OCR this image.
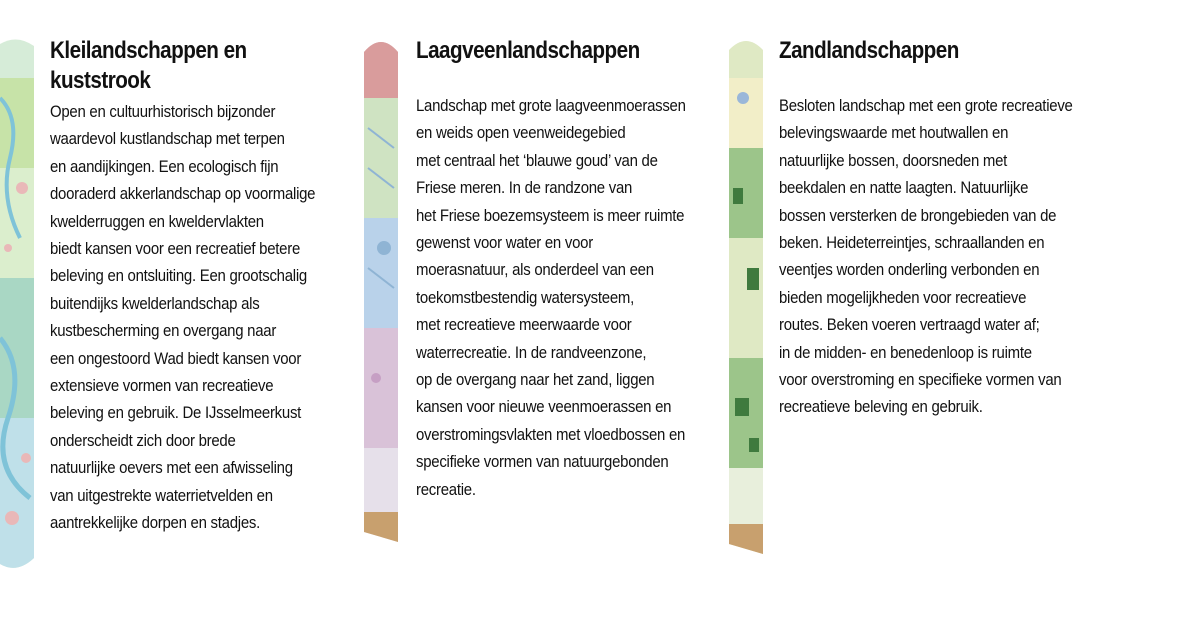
Kleilandschappen en
kuststrook
Open en cultuurhistorisch bijzonder
waardevol kustlandschap met terpen
en aandijkingen. Een ecologisch fijn
dooraderd akkerlandschap op voormalige
kwelderruggen en kweldervlakten
biedt kansen voor een recreatief betere
beleving en ontsluiting. Een grootschalig
buitendijks kwelderlandschap als
kustbescherming en overgang naar
een ongestoord Wad biedt kansen voor
extensieve vormen van recreatieve
beleving en gebruik. De IJsselmeerkust
onderscheidt zich door brede
natuurlijke oevers met een afwisseling
van uitgestrekte waterrietvelden en
aantrekkelijke dorpen en stadjes.
Laagveenlandschappen
Landschap met grote laagveenmoerassen
en weids open veenweidegebied
met centraal het ‘blauwe goud’ van de
Friese meren. In de randzone van
het Friese boezemsysteem is meer ruimte
gewenst voor water en voor
moerasnatuur, als onderdeel van een
toekomstbestendig watersysteem,
met recreatieve meerwaarde voor
waterrecreatie. In de randveenzone,
op de overgang naar het zand, liggen
kansen voor nieuwe veenmoerassen en
overstromingsvlakten met vloedbossen en
specifieke vormen van natuurgebonden
recreatie.
Zandlandschappen
Besloten landschap met een grote recreatieve
belevingswaarde met houtwallen en
natuurlijke bossen, doorsneden met
beekdalen en natte laagten. Natuurlijke
bossen versterken de brongebieden van de
beken. Heideterreintjes, schraallanden en
veentjes worden onderling verbonden en
bieden mogelijkheden voor recreatieve
routes. Beken voeren vertraagd water af;
in de midden- en benedenloop is ruimte
voor overstroming en specifieke vormen van
recreatieve beleving en gebruik.
